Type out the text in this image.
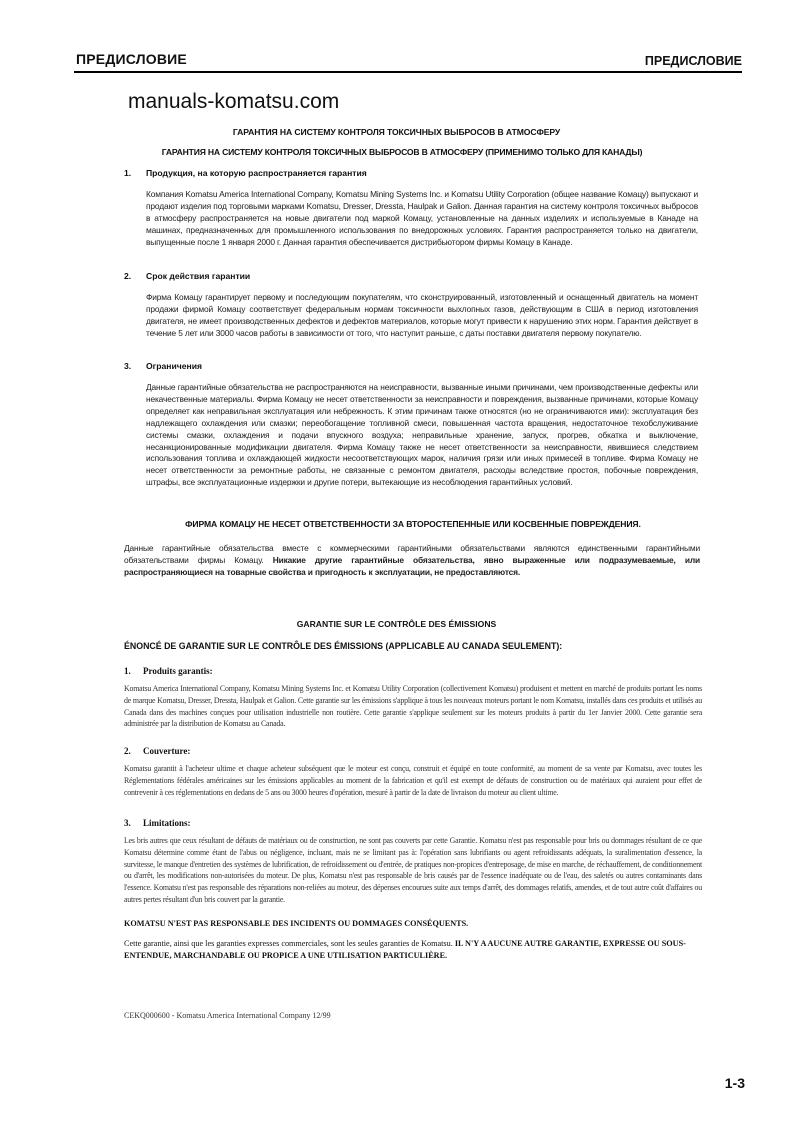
ПРЕДИСЛОВИЕ	ПРЕДИСЛОВИЕ
manuals-komatsu.com
ГАРАНТИЯ НА СИСТЕМУ КОНТРОЛЯ ТОКСИЧНЫХ ВЫБРОСОВ В АТМОСФЕРУ
ГАРАНТИЯ НА СИСТЕМУ КОНТРОЛЯ ТОКСИЧНЫХ ВЫБРОСОВ В АТМОСФЕРУ (ПРИМЕНИМО ТОЛЬКО ДЛЯ КАНАДЫ)
1. Продукция, на которую распространяется гарантия
Компания Komatsu America International Company, Komatsu Mining Systems Inc. и Komatsu Utility Corporation (общее название Комацу) выпускают и продают изделия под торговыми марками Komatsu, Dresser, Dressta, Haulpak и Galion. Данная гарантия на систему контроля токсичных выбросов в атмосферу распространяется на новые двигатели под маркой Комацу, установленные на данных изделиях и используемые в Канаде на машинах, предназначенных для промышленного использования по внедорожных условиях. Гарантия распространяется только на двигатели, выпущенные после 1 января 2000 г. Данная гарантия обеспечивается дистрибьютором фирмы Комацу в Канаде.
2. Срок действия гарантии
Фирма Комацу гарантирует первому и последующим покупателям, что сконструированный, изготовленный и оснащенный двигатель на момент продажи фирмой Комацу соответствует федеральным нормам токсичности выхлопных газов, действующим в США в период изготовления двигателя, не имеет производственных дефектов и дефектов материалов, которые могут привести к нарушению этих норм. Гарантия действует в течение 5 лет или 3000 часов работы в зависимости от того, что наступит раньше, с даты поставки двигателя первому покупателю.
3. Ограничения
Данные гарантийные обязательства не распространяются на неисправности, вызванные иными причинами, чем производственные дефекты или некачественные материалы. Фирма Комацу не несет ответственности за неисправности и повреждения, вызванные причинами, которые Комацу определяет как неправильная эксплуатация или небрежность. К этим причинам также относятся (но не ограничиваются ими): эксплуатация без надлежащего охлаждения или смазки; переобогащение топливной смеси, повышенная частота вращения, недостаточное техобслуживание системы смазки, охлаждения и подачи впускного воздуха; неправильные хранение, запуск, прогрев, обкатка и выключение, несанкционированные модификации двигателя. Фирма Комацу также не несет ответственности за неисправности, явившиеся следствием использования топлива и охлаждающей жидкости несоответствующих марок, наличия грязи или иных примесей в топливе. Фирма Комацу не несет ответственности за ремонтные работы, не связанные с ремонтом двигателя, расходы вследствие простоя, побочные повреждения, штрафы, все эксплуатационные издержки и другие потери, вытекающие из несоблюдения гарантийных условий.
ФИРМА КОМАЦУ НЕ НЕСЕТ ОТВЕТСТВЕННОСТИ ЗА ВТОРОСТЕПЕННЫЕ ИЛИ КОСВЕННЫЕ ПОВРЕЖДЕНИЯ.
Данные гарантийные обязательства вместе с коммерческими гарантийными обязательствами являются единственными гарантийными обязательствами фирмы Комацу. Никакие другие гарантийные обязательства, явно выраженные или подразумеваемые, или распространяющиеся на товарные свойства и пригодность к эксплуатации, не предоставляются.
GARANTIE SUR LE CONTRÔLE DES ÉMISSIONS
ÉNONCÉ DE GARANTIE SUR LE CONTRÔLE DES ÉMISSIONS (APPLICABLE AU CANADA SEULEMENT):
1. Produits garantis:
Komatsu America International Company, Komatsu Mining Systems Inc. et Komatsu Utility Corporation (collectivement Komatsu) produisent et mettent en marché de produits portant les noms de marque Komatsu, Dresser, Dressta, Haulpak et Galion. Cette garantie sur les émissions s'applique à tous les nouveaux moteurs portant le nom Komatsu, installés dans ces produits et utilisés au Canada dans des machines conçues pour utilisation industrielle non routière. Cette garantie s'applique seulement sur les moteurs produits à partir du 1er Janvier 2000. Cette garantie sera administrée par la distribution de Komatsu au Canada.
2. Couverture:
Komatsu garantit à l'acheteur ultime et chaque acheteur subséquent que le moteur est conçu, construit et équipé en toute conformité, au moment de sa vente par Komatsu, avec toutes les Réglementations fédérales américaines sur les émissions applicables au moment de la fabrication et qu'il est exempt de défauts de construction ou de matériaux qui auraient pour effet de contrevenir à ces réglementations en dedans de 5 ans ou 3000 heures d'opération, mesuré à partir de la date de livraison du moteur au client ultime.
3. Limitations:
Les bris autres que ceux résultant de défauts de matériaux ou de construction, ne sont pas couverts par cette Garantie. Komatsu n'est pas responsable pour bris ou dommages résultant de ce que Komatsu détermine comme étant de l'abus ou négligence, incluant, mais ne se limitant pas à: l'opération sans lubrifiants ou agent refroidissants adéquats, la suralimentation d'essence, la survitesse, le manque d'entretien des systèmes de lubrification, de refroidissement ou d'entrée, de pratiques non-propices d'entreposage, de mise en marche, de réchauffement, de conditionnement ou d'arrêt, les modifications non-autorisées du moteur. De plus, Komatsu n'est pas responsable de bris causés par de l'essence inadéquate ou de l'eau, des saletés ou autres contaminants dans l'essence. Komatsu n'est pas responsable des réparations non-reliées au moteur, des dépenses encourues suite aux temps d'arrêt, des dommages relatifs, amendes, et de tout autre coût d'affaires ou autres pertes résultant d'un bris couvert par la garantie.
KOMATSU N'EST PAS RESPONSABLE DES INCIDENTS OU DOMMAGES CONSÉQUENTS.
Cette garantie, ainsi que les garanties expresses commerciales, sont les seules garanties de Komatsu. IL N'Y A AUCUNE AUTRE GARANTIE, EXPRESSE OU SOUS-ENTENDUE, MARCHANDABLE OU PROPICE A UNE UTILISATION PARTICULIÈRE.
CEKQ000600 - Komatsu America International Company 12/99
1-3
